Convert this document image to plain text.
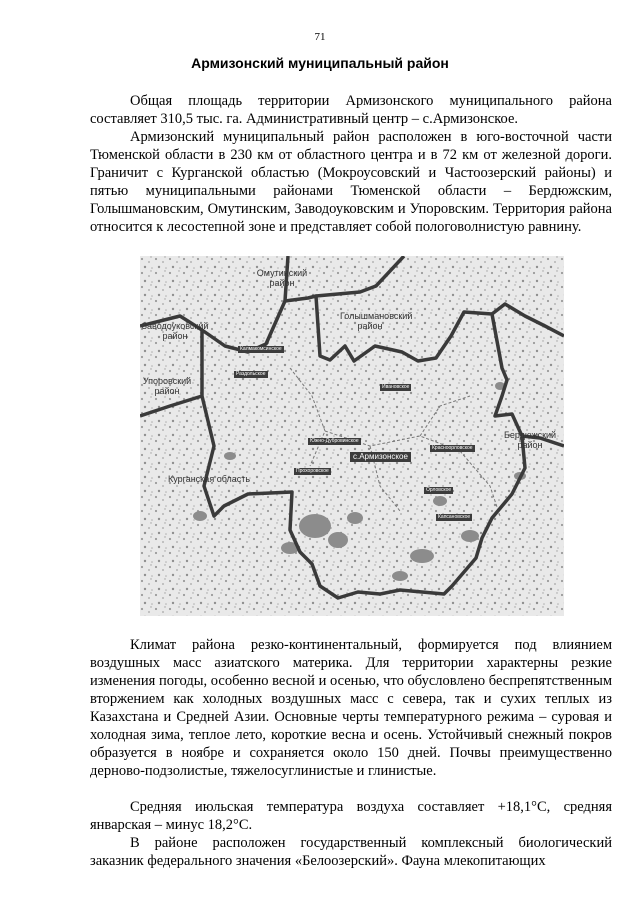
71
Армизонский муниципальный район

Общая площадь территории Армизонского муниципального района составляет 310,5 тыс. га. Административный центр – с.Армизонское.

Армизонский муниципальный район расположен в юго-восточной части Тюменской области в 230 км от областного центра и в 72 км от железной дороги. Граничит с Курганской областью (Мокроусовский и Частоозерский районы) и пятью муниципальными районами Тюменской области – Бердюжским, Голышмановским, Омутинским, Заводоуковским и Упоровским. Территория района относится к лесостепной зоне и представляет собой пологоволнистую равнину.

Омутинский район
Голышмановский район
Заводоуковский район
Упоровский район
Бердюжский район
Курганская область
Калмакомсинское
Раздольское
Южно-Дубровинское
Красноорловское
Прохоровское
Орловское
Капсановское
Ивановское
с.Армизонское

Климат района резко-континентальный, формируется под влиянием воздушных масс азиатского материка. Для территории характерны резкие изменения погоды, особенно весной и осенью, что обусловлено беспрепятственным вторжением как холодных воздушных масс с севера, так и сухих теплых из Казахстана и Средней Азии. Основные черты температурного режима – суровая и холодная зима, теплое лето, короткие весна и осень. Устойчивый снежный покров образуется в ноябре и сохраняется около 150 дней. Почвы преимущественно дерново-подзолистые, тяжелосуглинистые и глинистые.

Средняя июльская температура воздуха составляет +18,1°С, средняя январская – минус 18,2°С.

В районе расположен государственный комплексный биологический заказник федерального значения «Белоозерский». Фауна млекопитающих
